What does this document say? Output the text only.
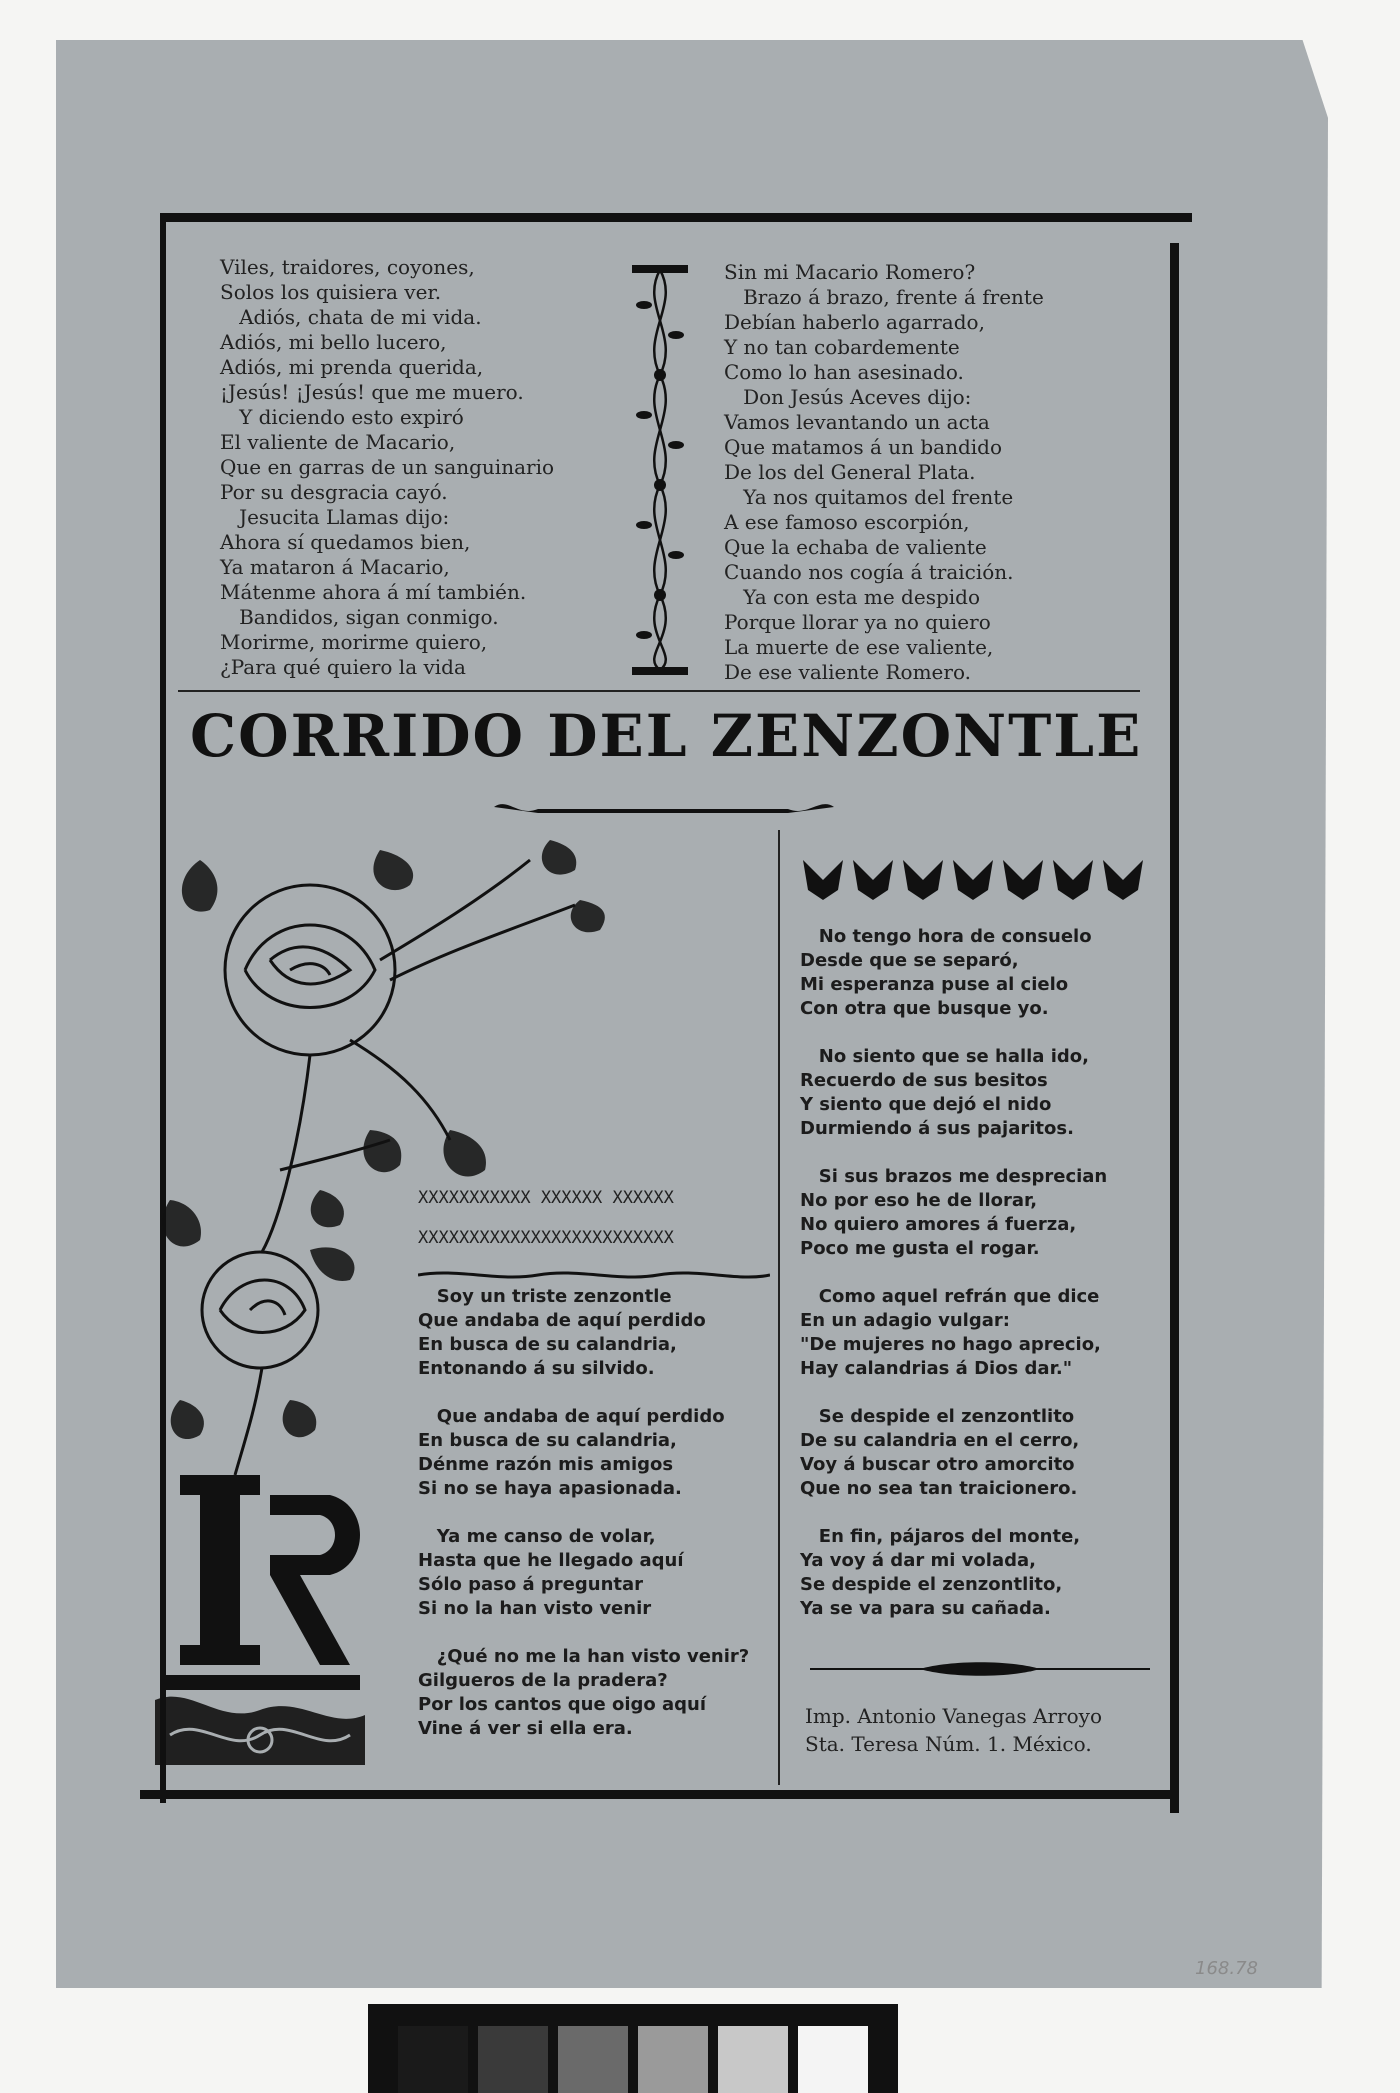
Viles, traidores, coyones,
Solos los quisiera ver.
Adiós, chata de mi vida.
Adiós, mi bello lucero,
Adiós, mi prenda querida,
¡Jesús! ¡Jesús! que me muero.
Y diciendo esto expiró
El valiente de Macario,
Que en garras de un sanguinario
Por su desgracia cayó.
Jesucita Llamas dijo:
Ahora sí quedamos bien,
Ya mataron á Macario,
Mátenme ahora á mí también.
Bandidos, sigan conmigo.
Morirme, morirme quiero,
¿Para qué quiero la vida
Sin mi Macario Romero?
Brazo á brazo, frente á frente
Debían haberlo agarrado,
Y no tan cobardemente
Como lo han asesinado.
Don Jesús Aceves dijo:
Vamos levantando un acta
Que matamos á un bandido
De los del General Plata.
Ya nos quitamos del frente
A ese famoso escorpión,
Que la echaba de valiente
Cuando nos cogía á traición.
Ya con esta me despido
Porque llorar ya no quiero
La muerte de ese valiente,
De ese valiente Romero.
CORRIDO DEL ZENZONTLE
XXXXXXXXXXX XXXXXX XXXXXX
XXXXXXXXXXXXXXXXXXXXXXXXX
Soy un triste zenzontle
Que andaba de aquí perdido
En busca de su calandria,
Entonando á su silvido.

Que andaba de aquí perdido
En busca de su calandria,
Dénme razón mis amigos
Si no se haya apasionada.

Ya me canso de volar,
Hasta que he llegado aquí
Sólo paso á preguntar
Si no la han visto venir

¿Qué no me la han visto venir?
Gilgueros de la pradera?
Por los cantos que oigo aquí
Vine á ver si ella era.
No tengo hora de consuelo
Desde que se separó,
Mi esperanza puse al cielo
Con otra que busque yo.

No siento que se halla ido,
Recuerdo de sus besitos
Y siento que dejó el nido
Durmiendo á sus pajaritos.

Si sus brazos me desprecian
No por eso he de llorar,
No quiero amores á fuerza,
Poco me gusta el rogar.

Como aquel refrán que dice
En un adagio vulgar:
"De mujeres no hago aprecio,
Hay calandrias á Dios dar."

Se despide el zenzontlito
De su calandria en el cerro,
Voy á buscar otro amorcito
Que no sea tan traicionero.

En fin, pájaros del monte,
Ya voy á dar mi volada,
Se despide el zenzontlito,
Ya se va para su cañada.
Imp. Antonio Vanegas Arroyo
Sta. Teresa Núm. 1. México.
168.78
